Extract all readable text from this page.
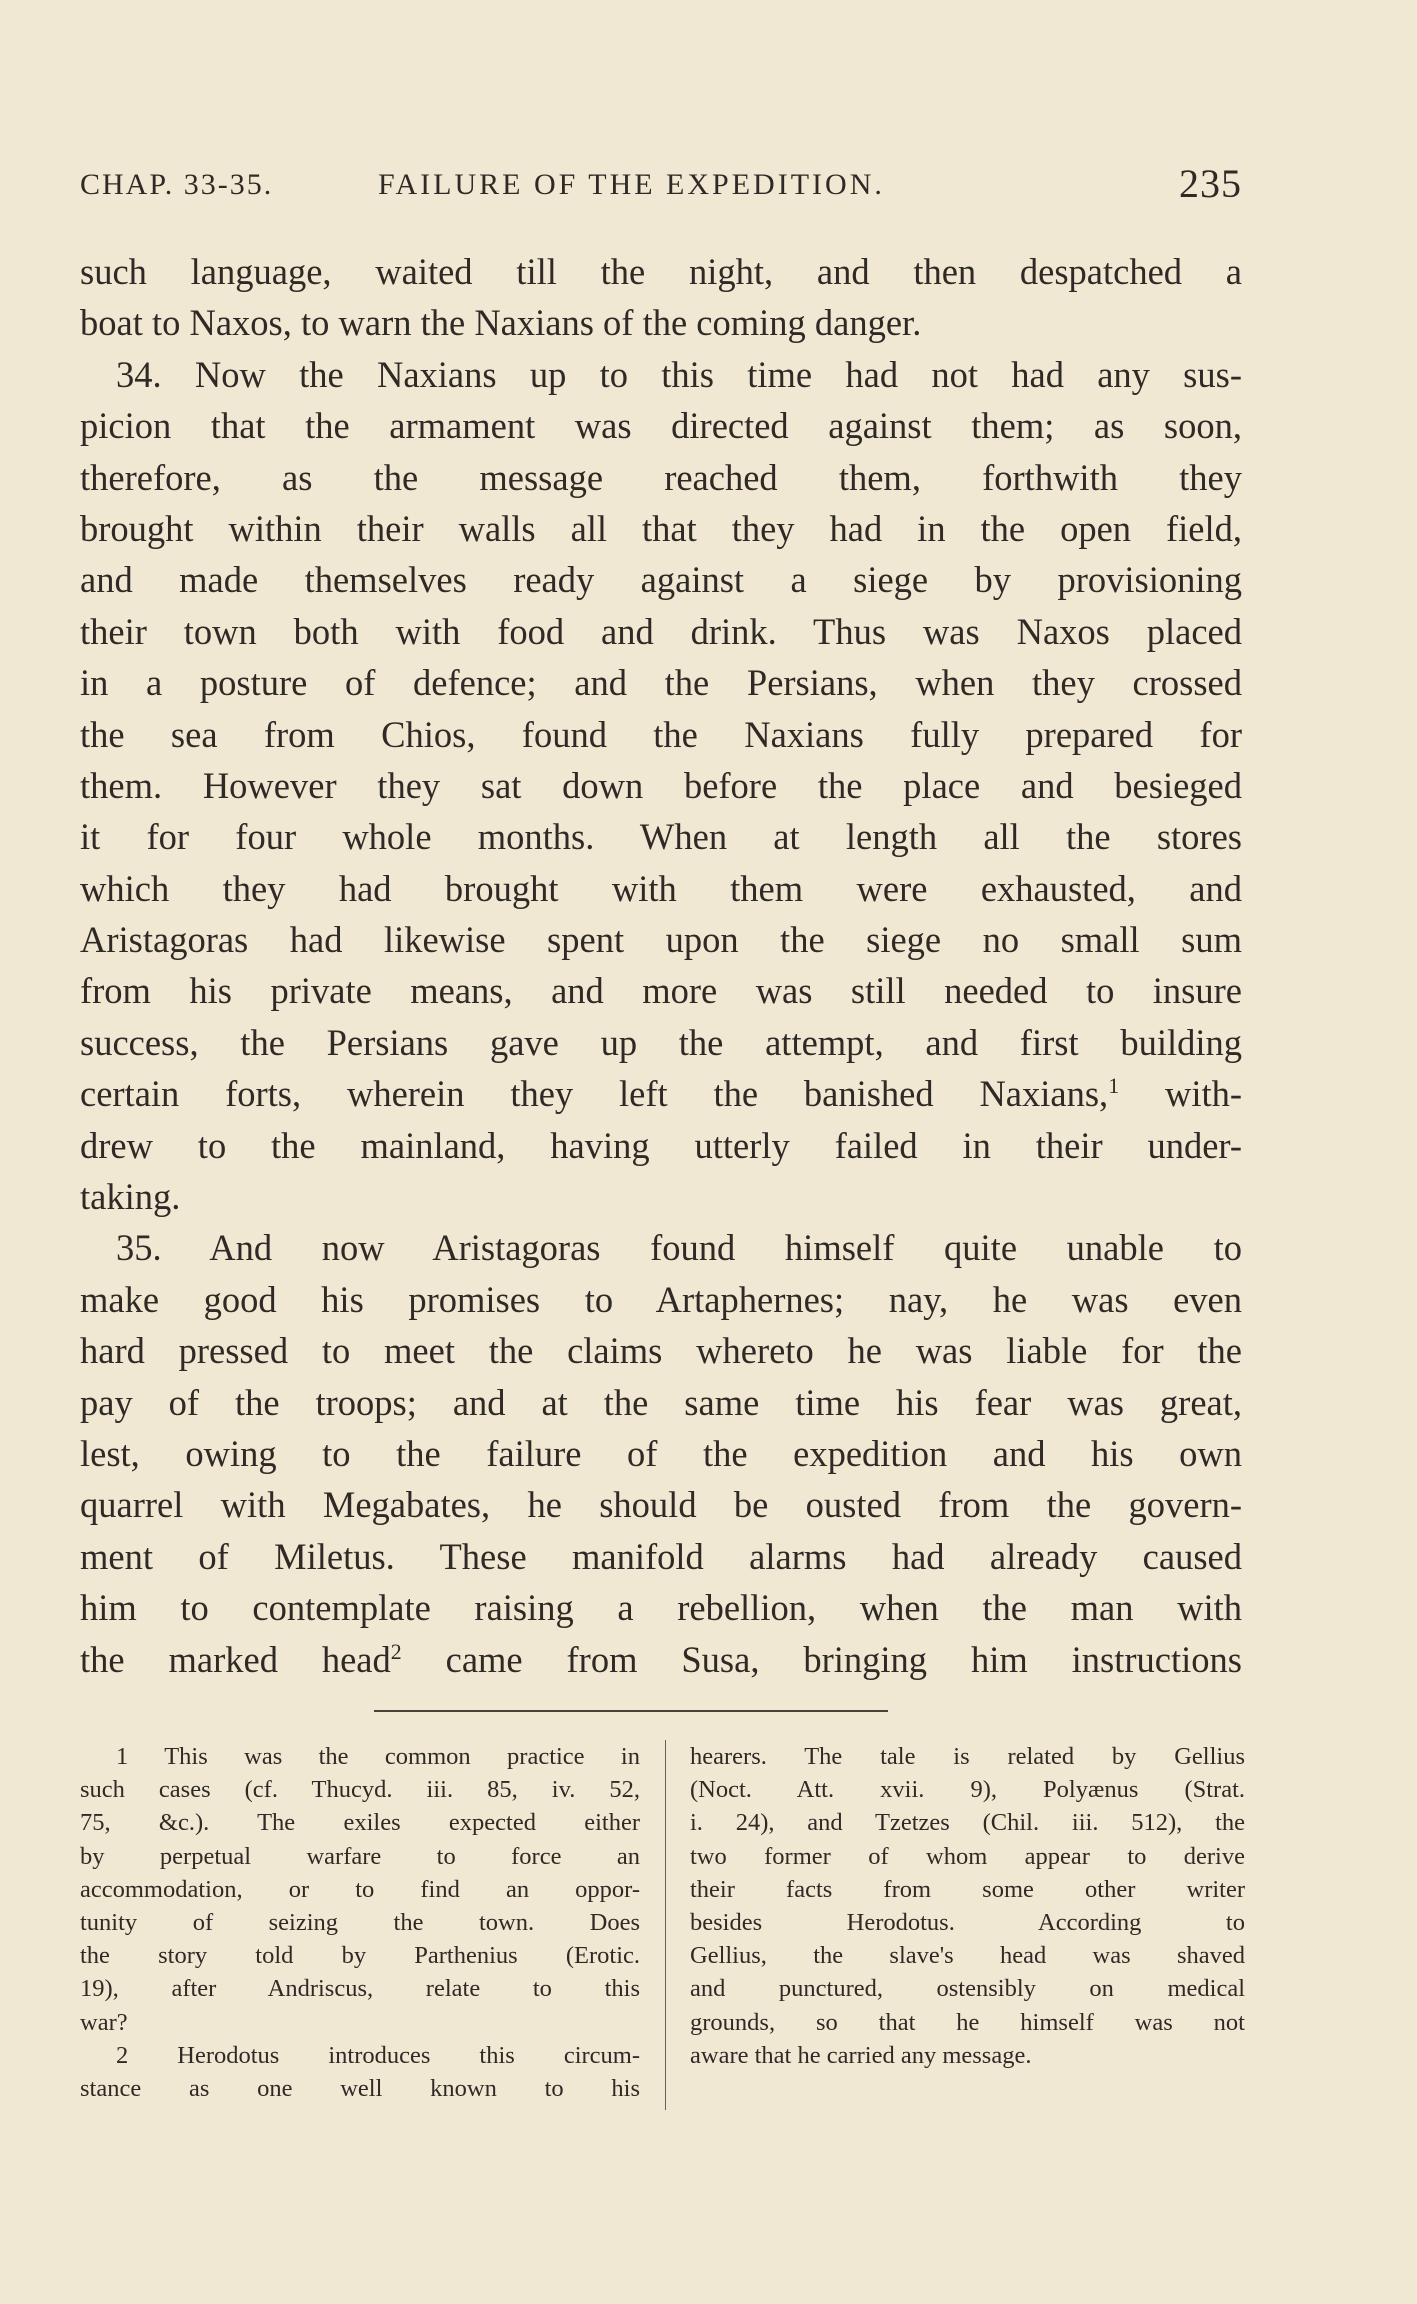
CHAP. 33-35.	FAILURE OF THE EXPEDITION.	235
such language, waited till the night, and then despatched a
boat to Naxos, to warn the Naxians of the coming danger.
34. Now the Naxians up to this time had not had any sus-
picion that the armament was directed against them; as soon,
therefore, as the message reached them, forthwith they
brought within their walls all that they had in the open field,
and made themselves ready against a siege by provisioning
their town both with food and drink. Thus was Naxos placed
in a posture of defence; and the Persians, when they crossed
the sea from Chios, found the Naxians fully prepared for
them. However they sat down before the place and besieged
it for four whole months. When at length all the stores
which they had brought with them were exhausted, and
Aristagoras had likewise spent upon the siege no small sum
from his private means, and more was still needed to insure
success, the Persians gave up the attempt, and first building
certain forts, wherein they left the banished Naxians,$^1$ with-
drew to the mainland, having utterly failed in their under-
taking.
35. And now Aristagoras found himself quite unable to
make good his promises to Artaphernes; nay, he was even
hard pressed to meet the claims whereto he was liable for the
pay of the troops; and at the same time his fear was great,
lest, owing to the failure of the expedition and his own
quarrel with Megabates, he should be ousted from the govern-
ment of Miletus. These manifold alarms had already caused
him to contemplate raising a rebellion, when the man with
the marked head$^2$ came from Susa, bringing him instructions
1 This was the common practice in
such cases (cf. Thucyd. iii. 85, iv. 52,
75, &c.). The exiles expected either
by perpetual warfare to force an
accommodation, or to find an oppor-
tunity of seizing the town. Does
the story told by Parthenius (Erotic.
19), after Andriscus, relate to this
war?
2 Herodotus introduces this circum-
stance as one well known to his
hearers. The tale is related by Gellius
(Noct. Att. xvii. 9), Polyænus (Strat.
i. 24), and Tzetzes (Chil. iii. 512), the
two former of whom appear to derive
their facts from some other writer
besides Herodotus. According to
Gellius, the slave's head was shaved
and punctured, ostensibly on medical
grounds, so that he himself was not
aware that he carried any message.
